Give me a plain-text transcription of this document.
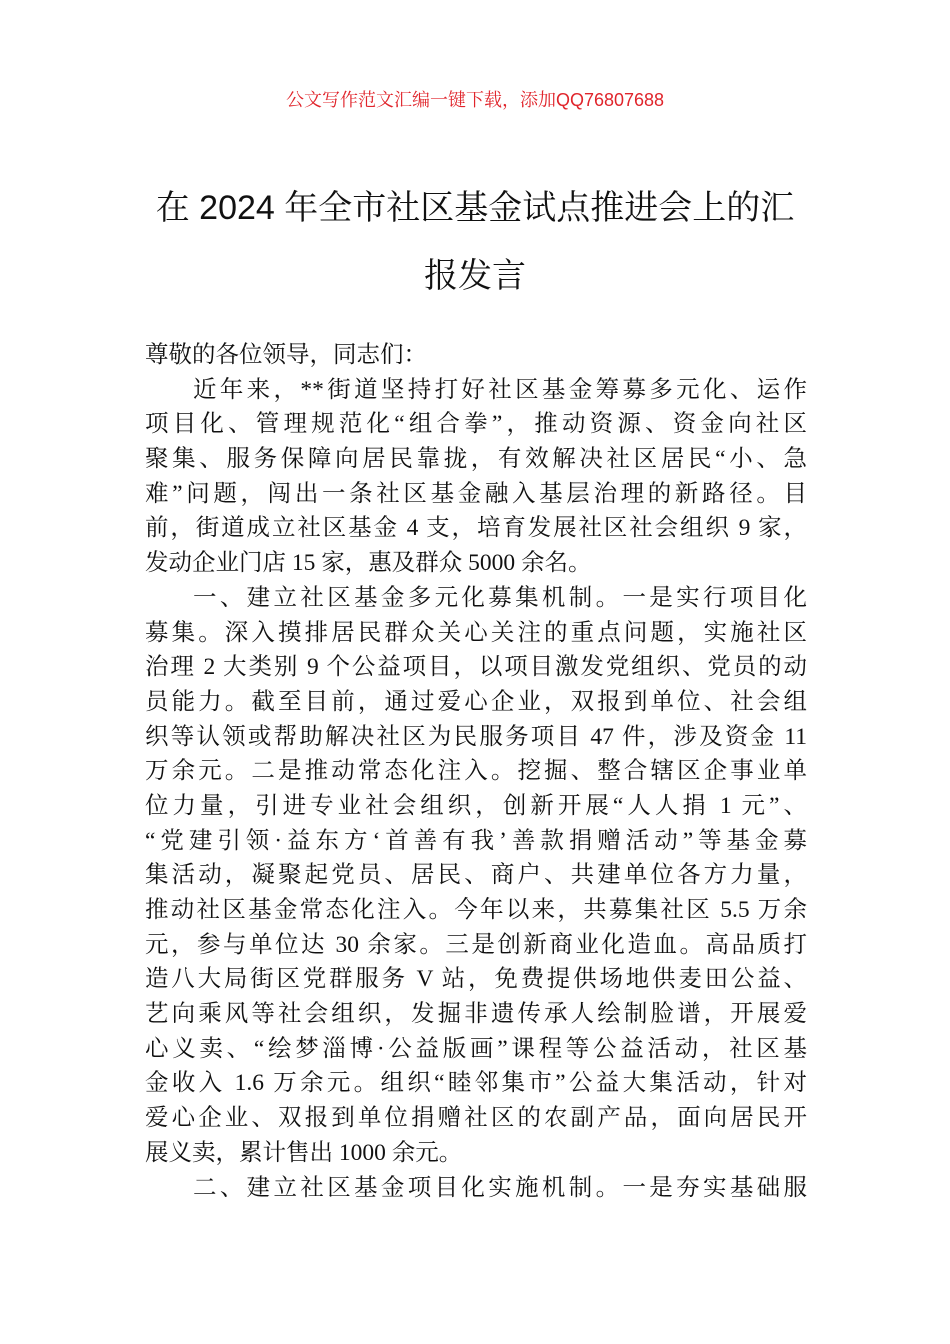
公文写作范文汇编一键下载，添加QQ76807688
在 2024 年全市社区基金试点推进会上的汇
报发言
尊敬的各位领导，同志们：
近年来，**街道坚持打好社区基金筹募多元化、运作
项目化、管理规范化“组合拳”，推动资源、资金向社区
聚集、服务保障向居民靠拢，有效解决社区居民“小、急
难”问题，闯出一条社区基金融入基层治理的新路径。目
前，街道成立社区基金 4 支，培育发展社区社会组织 9 家，
发动企业门店 15 家，惠及群众 5000 余名。
一、建立社区基金多元化募集机制。一是实行项目化
募集。深入摸排居民群众关心关注的重点问题，实施社区
治理 2 大类别 9 个公益项目，以项目激发党组织、党员的动
员能力。截至目前，通过爱心企业，双报到单位、社会组
织等认领或帮助解决社区为民服务项目 47 件，涉及资金 11
万余元。二是推动常态化注入。挖掘、整合辖区企事业单
位力量，引进专业社会组织，创新开展“人人捐 1 元”、
“党建引领·益东方‘首善有我’善款捐赠活动”等基金募
集活动，凝聚起党员、居民、商户、共建单位各方力量，
推动社区基金常态化注入。今年以来，共募集社区 5.5 万余
元，参与单位达 30 余家。三是创新商业化造血。高品质打
造八大局街区党群服务 V 站，免费提供场地供麦田公益、
艺向乘风等社会组织，发掘非遗传承人绘制脸谱，开展爱
心义卖、“绘梦淄博·公益版画”课程等公益活动，社区基
金收入 1.6 万余元。组织“睦邻集市”公益大集活动，针对
爱心企业、双报到单位捐赠社区的农副产品，面向居民开
展义卖，累计售出 1000 余元。
二、建立社区基金项目化实施机制。一是夯实基础服
